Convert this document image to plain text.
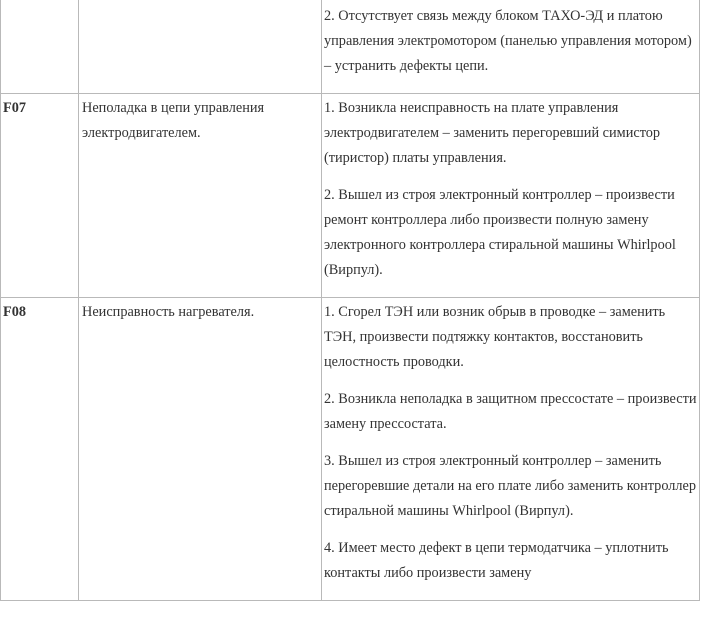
		2. Отсутствует связь между блоком ТАХО-ЭД и платою управления электромотором (панелью управления мотором) – устранить дефекты цепи.

F07	Неполадка в цепи управления электродвигателем.	1. Возникла неисправность на плате управления электродвигателем – заменить перегоревший симистор (тиристор) платы управления.

2. Вышел из строя электронный контроллер – произвести ремонт контроллера либо произвести полную замену электронного контроллера стиральной машины Whirlpool (Вирпул).

F08	Неисправность нагревателя.	1. Сгорел ТЭН или возник обрыв в проводке – заменить ТЭН, произвести подтяжку контактов, восстановить целостность проводки.

2. Возникла неполадка в защитном прессостате – произвести замену прессостата.

3. Вышел из строя электронный контроллер – заменить перегоревшие детали на его плате либо заменить контроллер стиральной машины Whirlpool (Вирпул).

4. Имеет место дефект в цепи термодатчика – уплотнить контакты либо произвести замену
